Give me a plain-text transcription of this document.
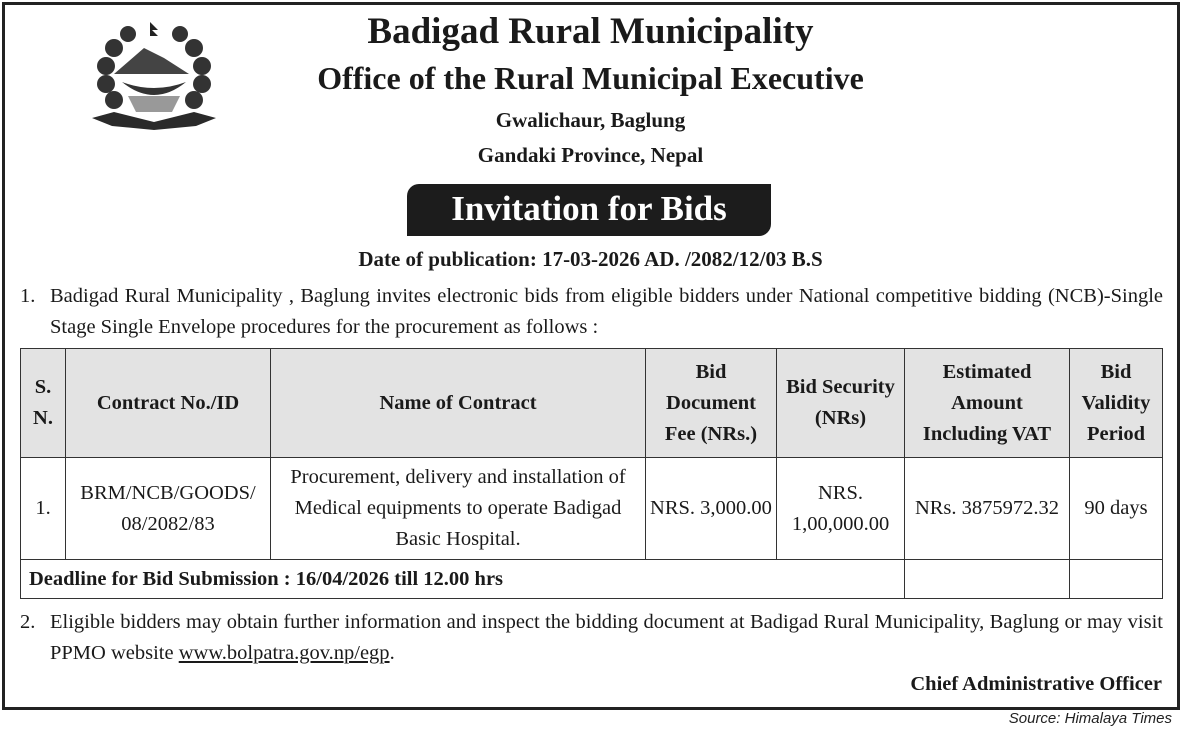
Badigad Rural Municipality
Office of the Rural Municipal Executive
Gwalichaur, Baglung
Gandaki Province, Nepal
Invitation for Bids
Date of publication: 17-03-2026 AD. /2082/12/03 B.S
1. Badigad Rural Municipality , Baglung invites electronic bids from eligible bidders under National competitive bidding (NCB)-Single Stage Single Envelope procedures for the procurement as follows :
S. N.	Contract No./ID	Name of Contract	Bid Document Fee (NRs.)	Bid Security (NRs)	Estimated Amount Including VAT	Bid Validity Period
1.	BRM/NCB/GOODS/ 08/2082/83	Procurement, delivery and installation of Medical equipments to operate Badigad Basic Hospital.	NRS. 3,000.00	NRS. 1,00,000.00	NRs. 3875972.32	90 days
Deadline for Bid Submission : 16/04/2026 till 12.00 hrs						
2. Eligible bidders may obtain further information and inspect the bidding document at Badigad Rural Municipality, Baglung or may visit PPMO website www.bolpatra.gov.np/egp.
Chief Administrative Officer
Source: Himalaya Times
